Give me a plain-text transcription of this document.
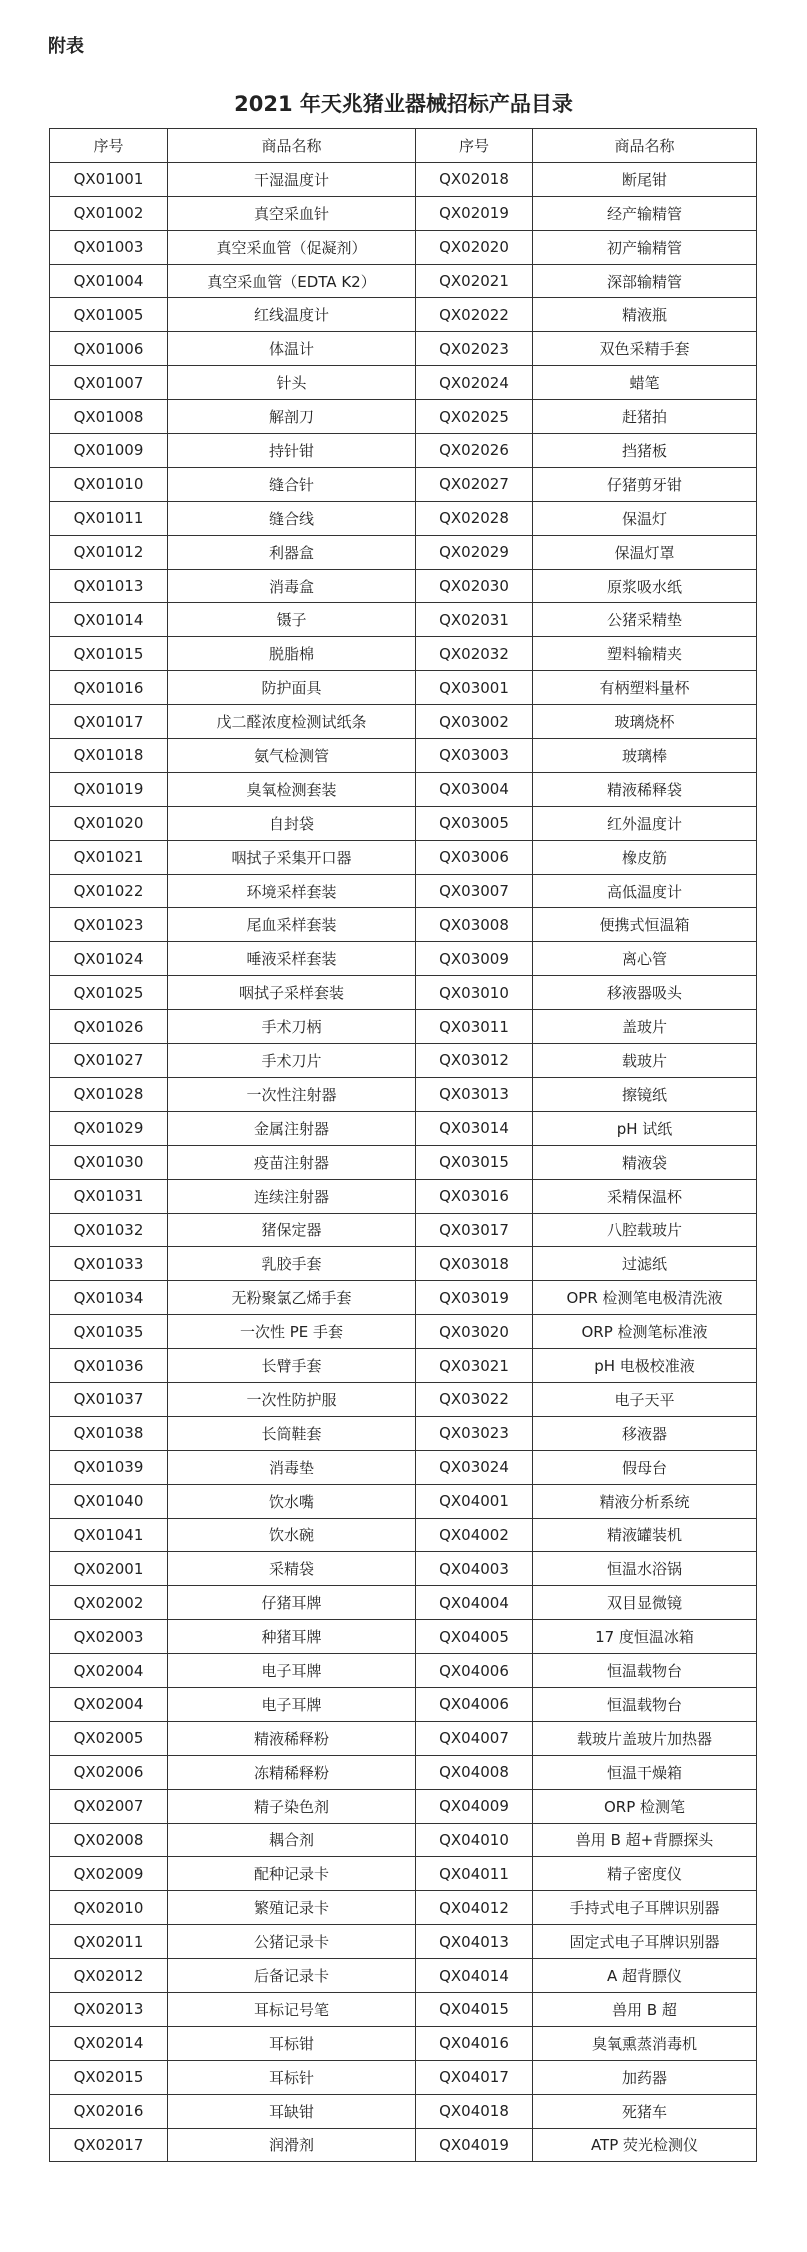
附表
2021 年天兆猪业器械招标产品目录
序号	商品名称	序号	商品名称
QX01001	干湿温度计	QX02018	断尾钳
QX01002	真空采血针	QX02019	经产输精管
QX01003	真空采血管（促凝剂）	QX02020	初产输精管
QX01004	真空采血管（EDTA K2）	QX02021	深部输精管
QX01005	红线温度计	QX02022	精液瓶
QX01006	体温计	QX02023	双色采精手套
QX01007	针头	QX02024	蜡笔
QX01008	解剖刀	QX02025	赶猪拍
QX01009	持针钳	QX02026	挡猪板
QX01010	缝合针	QX02027	仔猪剪牙钳
QX01011	缝合线	QX02028	保温灯
QX01012	利器盒	QX02029	保温灯罩
QX01013	消毒盒	QX02030	原浆吸水纸
QX01014	镊子	QX02031	公猪采精垫
QX01015	脱脂棉	QX02032	塑料输精夹
QX01016	防护面具	QX03001	有柄塑料量杯
QX01017	戊二醛浓度检测试纸条	QX03002	玻璃烧杯
QX01018	氨气检测管	QX03003	玻璃棒
QX01019	臭氧检测套装	QX03004	精液稀释袋
QX01020	自封袋	QX03005	红外温度计
QX01021	咽拭子采集开口器	QX03006	橡皮筋
QX01022	环境采样套装	QX03007	高低温度计
QX01023	尾血采样套装	QX03008	便携式恒温箱
QX01024	唾液采样套装	QX03009	离心管
QX01025	咽拭子采样套装	QX03010	移液器吸头
QX01026	手术刀柄	QX03011	盖玻片
QX01027	手术刀片	QX03012	载玻片
QX01028	一次性注射器	QX03013	擦镜纸
QX01029	金属注射器	QX03014	pH 试纸
QX01030	疫苗注射器	QX03015	精液袋
QX01031	连续注射器	QX03016	采精保温杯
QX01032	猪保定器	QX03017	八腔载玻片
QX01033	乳胶手套	QX03018	过滤纸
QX01034	无粉聚氯乙烯手套	QX03019	OPR 检测笔电极清洗液
QX01035	一次性 PE 手套	QX03020	ORP 检测笔标准液
QX01036	长臂手套	QX03021	pH 电极校准液
QX01037	一次性防护服	QX03022	电子天平
QX01038	长筒鞋套	QX03023	移液器
QX01039	消毒垫	QX03024	假母台
QX01040	饮水嘴	QX04001	精液分析系统
QX01041	饮水碗	QX04002	精液罐装机
QX02001	采精袋	QX04003	恒温水浴锅
QX02002	仔猪耳牌	QX04004	双目显微镜
QX02003	种猪耳牌	QX04005	17 度恒温冰箱
QX02004	电子耳牌	QX04006	恒温载物台
QX02004	电子耳牌	QX04006	恒温载物台
QX02005	精液稀释粉	QX04007	载玻片盖玻片加热器
QX02006	冻精稀释粉	QX04008	恒温干燥箱
QX02007	精子染色剂	QX04009	ORP 检测笔
QX02008	耦合剂	QX04010	兽用 B 超+背膘探头
QX02009	配种记录卡	QX04011	精子密度仪
QX02010	繁殖记录卡	QX04012	手持式电子耳牌识别器
QX02011	公猪记录卡	QX04013	固定式电子耳牌识别器
QX02012	后备记录卡	QX04014	A 超背膘仪
QX02013	耳标记号笔	QX04015	兽用 B 超
QX02014	耳标钳	QX04016	臭氧熏蒸消毒机
QX02015	耳标针	QX04017	加药器
QX02016	耳缺钳	QX04018	死猪车
QX02017	润滑剂	QX04019	ATP 荧光检测仪
